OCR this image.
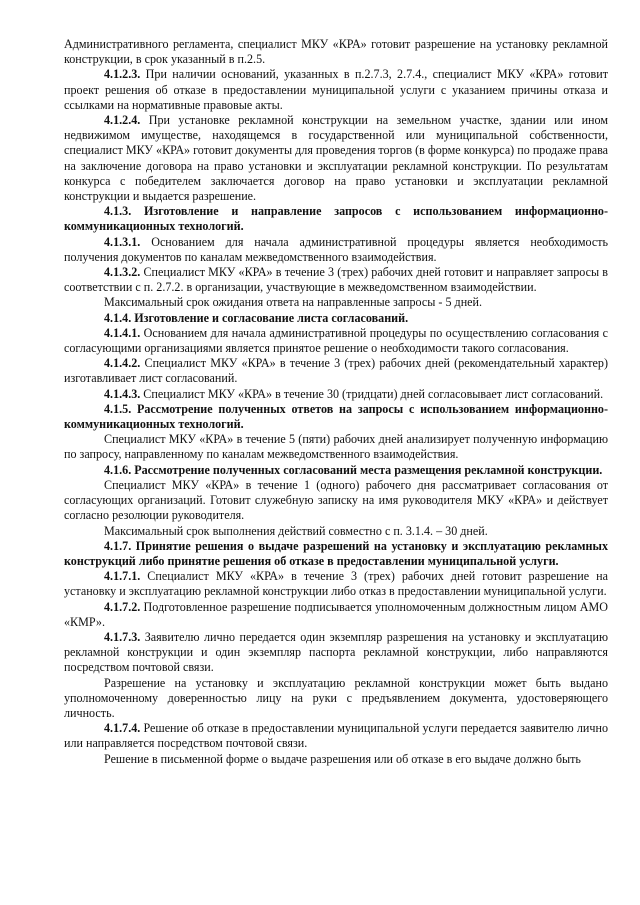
Административного регламента, специалист МКУ «КРА» готовит разрешение на установку рекламной конструкции, в срок указанный в п.2.5.

4.1.2.3. При наличии оснований, указанных в п.2.7.3, 2.7.4., специалист МКУ «КРА» готовит проект решения об отказе в предоставлении муниципальной услуги с указанием причины отказа и ссылками на нормативные правовые акты.

4.1.2.4. При установке рекламной конструкции на земельном участке, здании или ином недвижимом имуществе, находящемся в государственной или муниципальной собственности, специалист МКУ «КРА» готовит документы для проведения торгов (в форме конкурса) по продаже права на заключение договора на право установки и эксплуатации рекламной конструкции. По результатам конкурса с победителем заключается договор на право установки и эксплуатации рекламной конструкции и выдается разрешение.

4.1.3. Изготовление и направление запросов с использованием информационно-коммуникационных технологий.

4.1.3.1. Основанием для начала административной процедуры является необходимость получения документов по каналам межведомственного взаимодействия.

4.1.3.2. Специалист МКУ «КРА» в течение 3 (трех) рабочих дней готовит и направляет запросы в соответствии с п. 2.7.2. в организации, участвующие в межведомственном взаимодействии.

Максимальный срок ожидания ответа на направленные запросы - 5 дней.

4.1.4. Изготовление и согласование листа согласований.

4.1.4.1. Основанием для начала административной процедуры по осуществлению согласования с согласующими организациями является принятое решение о необходимости такого согласования.

4.1.4.2. Специалист МКУ «КРА» в течение 3 (трех) рабочих дней (рекомендательный характер) изготавливает лист согласований.

4.1.4.3. Специалист МКУ «КРА» в течение 30 (тридцати) дней согласовывает лист согласований.

4.1.5. Рассмотрение полученных ответов на запросы с использованием информационно-коммуникационных технологий.

Специалист МКУ «КРА» в течение 5 (пяти) рабочих дней анализирует полученную информацию по запросу, направленному по каналам межведомственного взаимодействия.

4.1.6. Рассмотрение полученных согласований места размещения рекламной конструкции.

Специалист МКУ «КРА» в течение 1 (одного) рабочего дня рассматривает согласования от согласующих организаций. Готовит служебную записку на имя руководителя МКУ «КРА» и действует согласно резолюции руководителя.

Максимальный срок выполнения действий совместно с п. 3.1.4. – 30 дней.

4.1.7. Принятие решения о выдаче разрешений на установку и эксплуатацию рекламных конструкций либо принятие решения об отказе в предоставлении муниципальной услуги.

4.1.7.1. Специалист МКУ «КРА» в течение 3 (трех) рабочих дней готовит разрешение на установку и эксплуатацию рекламной конструкции либо отказ в предоставлении муниципальной услуги.

4.1.7.2. Подготовленное разрешение подписывается уполномоченным должностным лицом АМО «КМР».

4.1.7.3. Заявителю лично передается один экземпляр разрешения на установку и эксплуатацию рекламной конструкции и один экземпляр паспорта рекламной конструкции, либо направляются посредством почтовой связи.

Разрешение на установку и эксплуатацию рекламной конструкции может быть выдано уполномоченному доверенностью лицу на руки с предъявлением документа, удостоверяющего личность.

4.1.7.4. Решение об отказе в предоставлении муниципальной услуги передается заявителю лично или направляется посредством почтовой связи.

Решение в письменной форме о выдаче разрешения или об отказе в его выдаче должно быть
